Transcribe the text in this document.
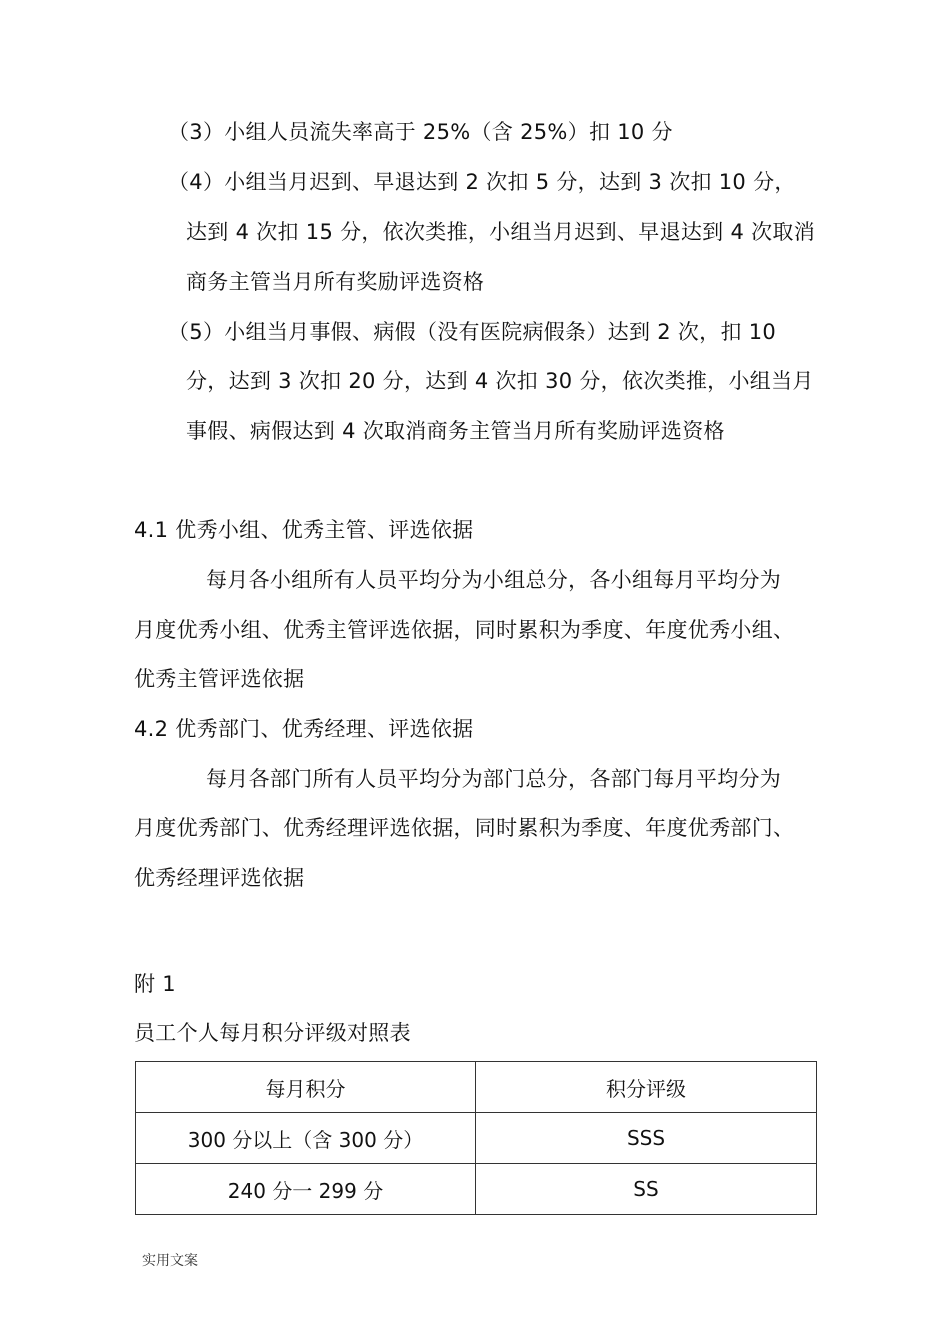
（3）小组人员流失率高于 25%（含 25%）扣 10 分
（4）小组当月迟到、早退达到 2 次扣 5 分，达到 3 次扣 10 分，
达到 4 次扣 15 分，依次类推，小组当月迟到、早退达到 4 次取消
商务主管当月所有奖励评选资格
（5）小组当月事假、病假（没有医院病假条）达到 2 次，扣 10
分，达到 3 次扣 20 分，达到 4 次扣 30 分，依次类推，小组当月
事假、病假达到 4 次取消商务主管当月所有奖励评选资格
4.1 优秀小组、优秀主管、评选依据
每月各小组所有人员平均分为小组总分，各小组每月平均分为
月度优秀小组、优秀主管评选依据，同时累积为季度、年度优秀小组、
优秀主管评选依据
4.2 优秀部门、优秀经理、评选依据
每月各部门所有人员平均分为部门总分，各部门每月平均分为
月度优秀部门、优秀经理评选依据，同时累积为季度、年度优秀部门、
优秀经理评选依据
附 1
员工个人每月积分评级对照表
每月积分	积分评级
300 分以上（含 300 分）	SSS
240 分一 299 分	SS
实用文案
